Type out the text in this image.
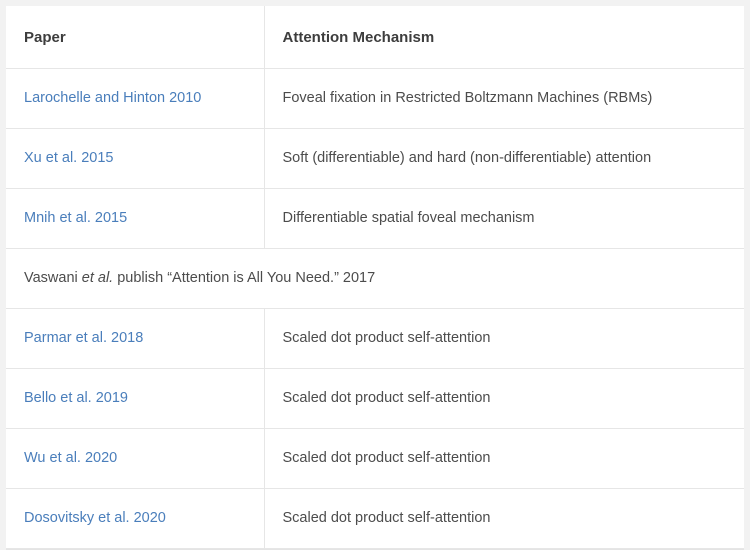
Paper	Attention Mechanism
Larochelle and Hinton 2010	Foveal fixation in Restricted Boltzmann Machines (RBMs)
Xu et al. 2015	Soft (differentiable) and hard (non-differentiable) attention
Mnih et al. 2015	Differentiable spatial foveal mechanism
Vaswani et al. publish “Attention is All You Need.” 2017	
Parmar et al. 2018	Scaled dot product self-attention
Bello et al. 2019	Scaled dot product self-attention
Wu et al. 2020	Scaled dot product self-attention
Dosovitsky et al. 2020	Scaled dot product self-attention
